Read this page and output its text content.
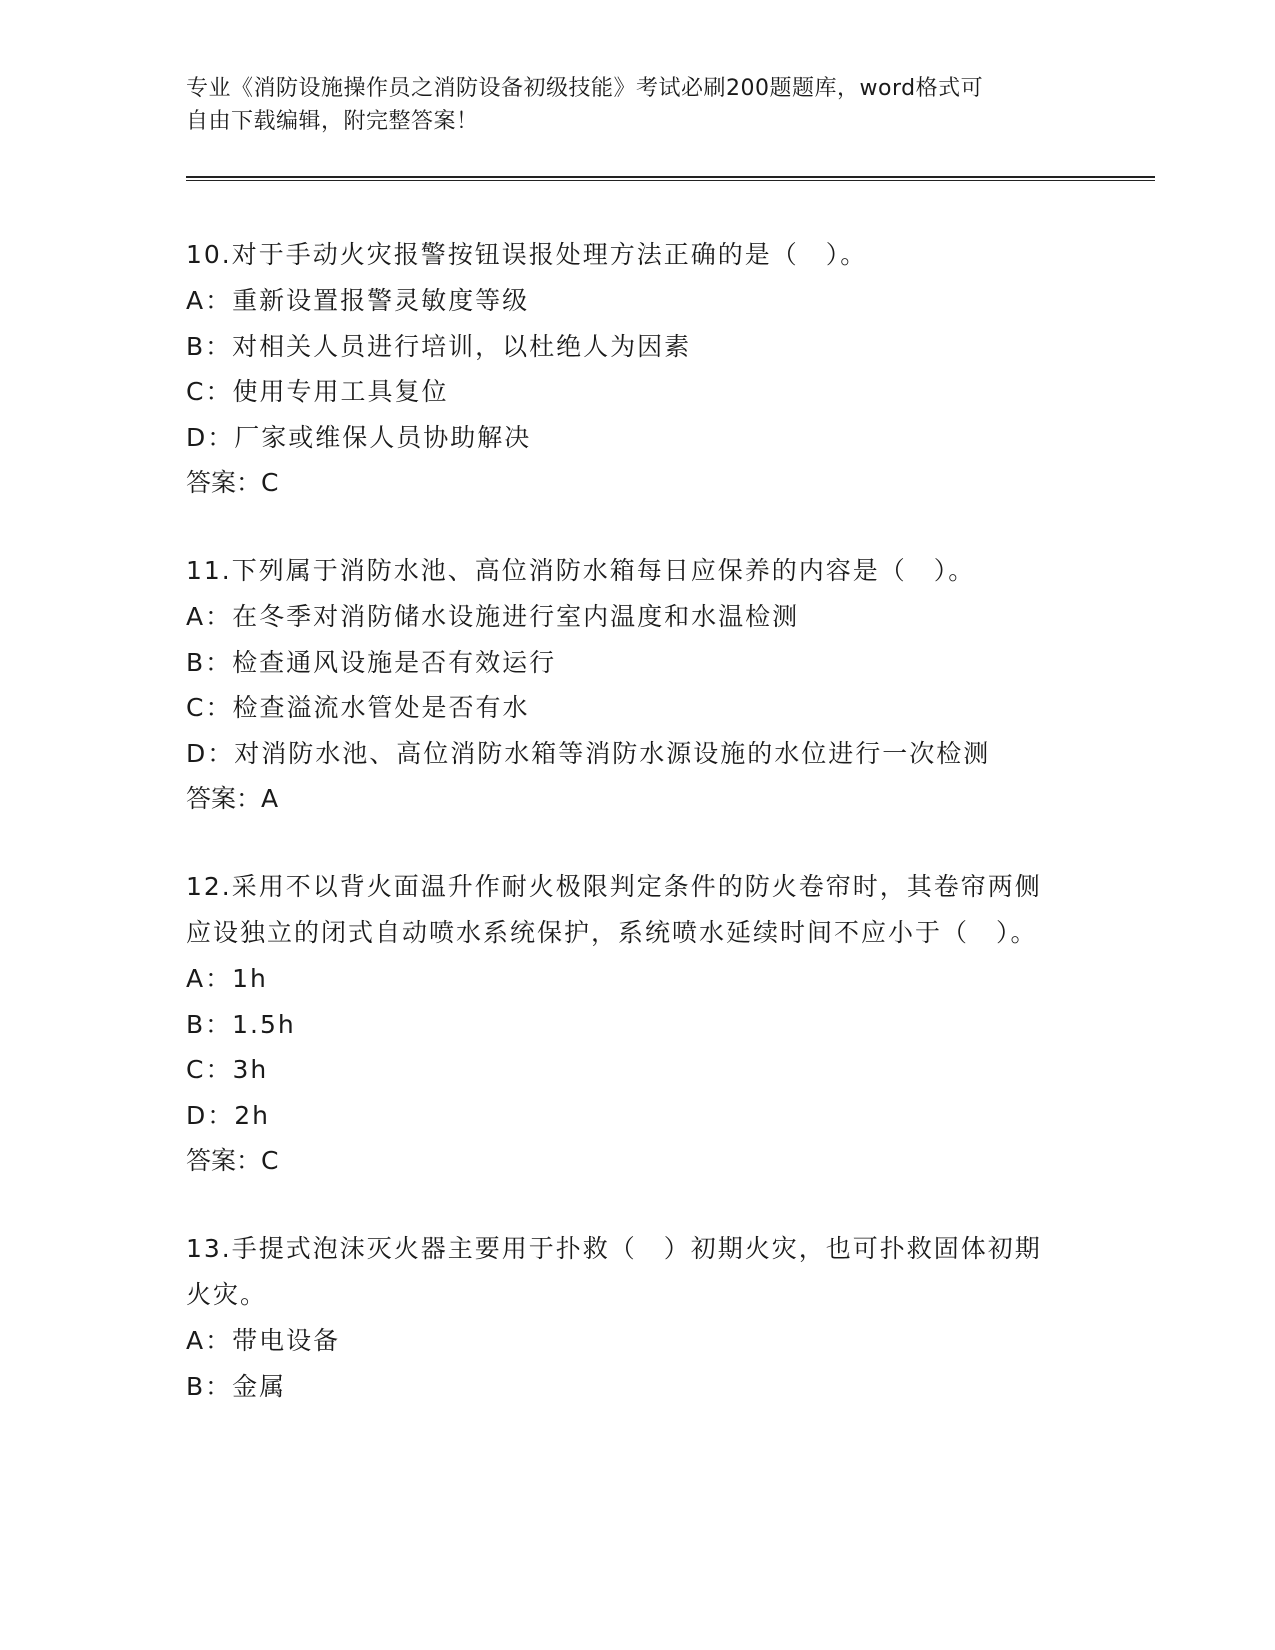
专业《消防设施操作员之消防设备初级技能》考试必刷200题题库，word格式可
自由下载编辑，附完整答案！
10.对于手动火灾报警按钮误报处理方法正确的是（　）。
A：重新设置报警灵敏度等级
B：对相关人员进行培训，以杜绝人为因素
C：使用专用工具复位
D：厂家或维保人员协助解决
答案：C
11.下列属于消防水池、高位消防水箱每日应保养的内容是（　）。
A：在冬季对消防储水设施进行室内温度和水温检测
B：检查通风设施是否有效运行
C：检查溢流水管处是否有水
D：对消防水池、高位消防水箱等消防水源设施的水位进行一次检测
答案：A
12.采用不以背火面温升作耐火极限判定条件的防火卷帘时，其卷帘两侧应设独立的闭式自动喷水系统保护，系统喷水延续时间不应小于（　）。
A：1h
B：1.5h
C：3h
D：2h
答案：C
13.手提式泡沫灭火器主要用于扑救（　）初期火灾，也可扑救固体初期火灾。
A：带电设备
B：金属
